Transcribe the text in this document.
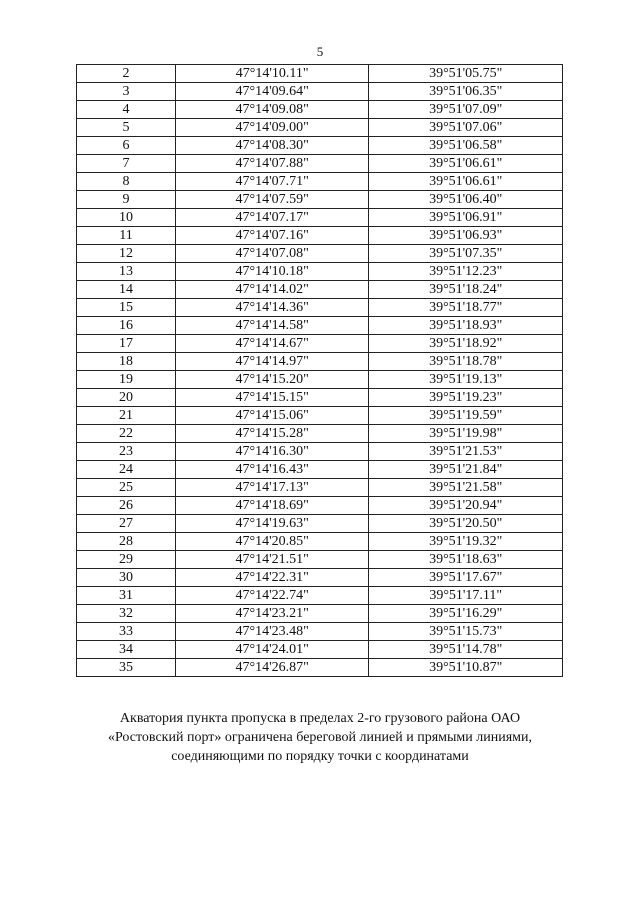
5
2	47°14'10.11"	39°51'05.75"
3	47°14'09.64"	39°51'06.35"
4	47°14'09.08"	39°51'07.09"
5	47°14'09.00"	39°51'07.06"
6	47°14'08.30"	39°51'06.58"
7	47°14'07.88"	39°51'06.61"
8	47°14'07.71"	39°51'06.61"
9	47°14'07.59"	39°51'06.40"
10	47°14'07.17"	39°51'06.91"
11	47°14'07.16"	39°51'06.93"
12	47°14'07.08"	39°51'07.35"
13	47°14'10.18"	39°51'12.23"
14	47°14'14.02"	39°51'18.24"
15	47°14'14.36"	39°51'18.77"
16	47°14'14.58"	39°51'18.93"
17	47°14'14.67"	39°51'18.92"
18	47°14'14.97"	39°51'18.78"
19	47°14'15.20"	39°51'19.13"
20	47°14'15.15"	39°51'19.23"
21	47°14'15.06"	39°51'19.59"
22	47°14'15.28"	39°51'19.98"
23	47°14'16.30"	39°51'21.53"
24	47°14'16.43"	39°51'21.84"
25	47°14'17.13"	39°51'21.58"
26	47°14'18.69"	39°51'20.94"
27	47°14'19.63"	39°51'20.50"
28	47°14'20.85"	39°51'19.32"
29	47°14'21.51"	39°51'18.63"
30	47°14'22.31"	39°51'17.67"
31	47°14'22.74"	39°51'17.11"
32	47°14'23.21"	39°51'16.29"
33	47°14'23.48"	39°51'15.73"
34	47°14'24.01"	39°51'14.78"
35	47°14'26.87"	39°51'10.87"

Акватория пункта пропуска в пределах 2-го грузового района ОАО

«Ростовский порт» ограничена береговой линией и прямыми линиями,

соединяющими по порядку точки с координатами
